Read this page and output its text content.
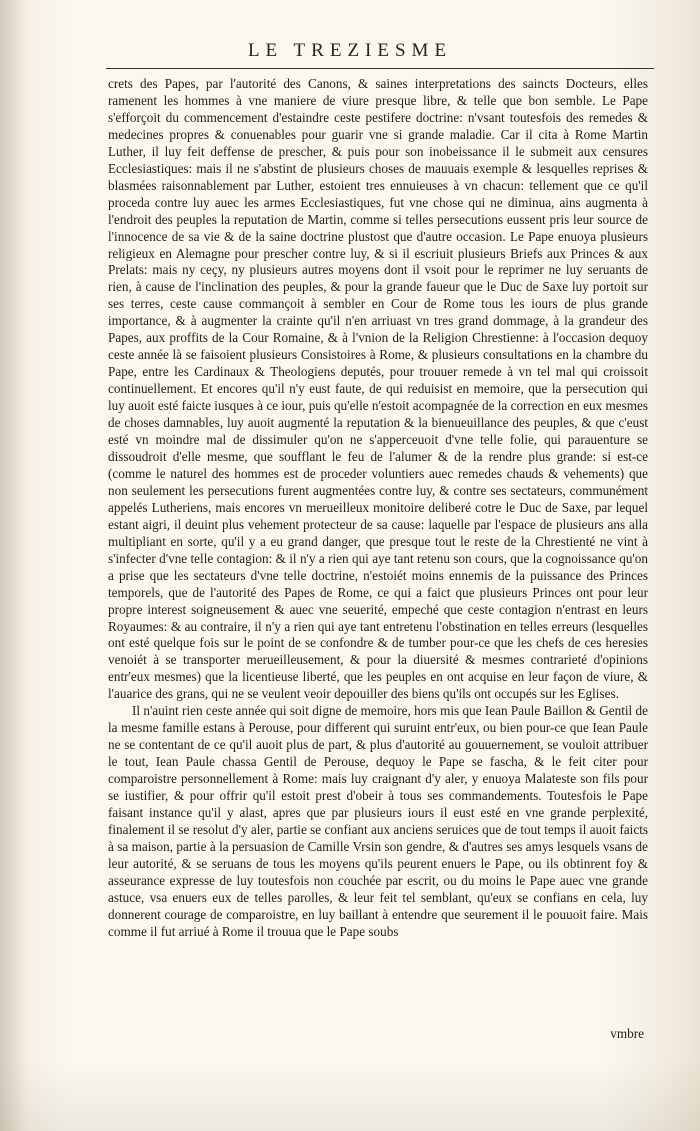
LE TREZIESME

crets des Papes, par l'autorité des Canons, & saines interpretations des saincts Docteurs, elles ramenent les hommes à vne maniere de viure presque libre, & telle que bon semble. Le Pape s'efforçoit du commencement d'estaindre ceste pestifere doctrine: n'vsant toutesfois des remedes & medecines propres & conuenables pour guarir vne si grande maladie. Car il cita à Rome Martin Luther, il luy feit deffense de prescher, & puis pour son inobeissance il le submeit aux censures Ecclesiastiques: mais il ne s'abstint de plusieurs choses de mauuais exemple & lesquelles reprises & blasmées raisonnablement par Luther, estoient tres ennuieuses à vn chacun: tellement que ce qu'il proceda contre luy auec les armes Ecclesiastiques, fut vne chose qui ne diminua, ains augmenta à l'endroit des peuples la reputation de Martin, comme si telles persecutions eussent pris leur source de l'innocence de sa vie & de la saine doctrine plustost que d'autre occasion. Le Pape enuoya plusieurs religieux en Alemagne pour prescher contre luy, & si il escriuit plusieurs Briefs aux Princes & aux Prelats: mais ny ceçy, ny plusieurs autres moyens dont il vsoit pour le reprimer ne luy seruants de rien, à cause de l'inclination des peuples, & pour la grande faueur que le Duc de Saxe luy portoit sur ses terres, ceste cause commançoit à sembler en Cour de Rome tous les iours de plus grande importance, & à augmenter la crainte qu'il n'en arriuast vn tres grand dommage, à la grandeur des Papes, aux proffits de la Cour Romaine, & à l'vnion de la Religion Chrestienne: à l'occasion dequoy ceste année là se faisoient plusieurs Consistoires à Rome, & plusieurs consultations en la chambre du Pape, entre les Cardinaux & Theologiens deputés, pour trouuer remede à vn tel mal qui croissoit continuellement. Et encores qu'il n'y eust faute, de qui reduisist en memoire, que la persecution qui luy auoit esté faicte iusques à ce iour, puis qu'elle n'estoit acompagnée de la correction en eux mesmes de choses damnables, luy auoit augmenté la reputation & la bienueuillance des peuples, & que c'eust esté vn moindre mal de dissimuler qu'on ne s'apperceuoit d'vne telle folie, qui parauenture se dissoudroit d'elle mesme, que soufflant le feu de l'alumer & de la rendre plus grande: si est-ce (comme le naturel des hommes est de proceder voluntiers auec remedes chauds & vehements) que non seulement les persecutions furent augmentées contre luy, & contre ses sectateurs, communément appelés Lutheriens, mais encores vn merueilleux monitoire deliberé cotre le Duc de Saxe, par lequel estant aigri, il deuint plus vehement protecteur de sa cause: laquelle par l'espace de plusieurs ans alla multipliant en sorte, qu'il y a eu grand danger, que presque tout le reste de la Chrestienté ne vint à s'infecter d'vne telle contagion: & il n'y a rien qui aye tant retenu son cours, que la cognoissance qu'on a prise que les sectateurs d'vne telle doctrine, n'estoiét moins ennemis de la puissance des Princes temporels, que de l'autorité des Papes de Rome, ce qui a faict que plusieurs Princes ont pour leur propre interest soigneusement & auec vne seuerité, empeché que ceste contagion n'entrast en leurs Royaumes: & au contraire, il n'y a rien qui aye tant entretenu l'obstination en telles erreurs (lesquelles ont esté quelque fois sur le point de se confondre & de tumber pour-ce que les chefs de ces heresies venoiét à se transporter merueilleusement, & pour la diuersité & mesmes contrarieté d'opinions entr'eux mesmes) que la licentieuse liberté, que les peuples en ont acquise en leur façon de viure, & l'auarice des grans, qui ne se veulent veoir depouiller des biens qu'ils ont occupés sur les Eglises.

Il n'auint rien ceste année qui soit digne de memoire, hors mis que Iean Paule Baillon & Gentil de la mesme famille estans à Perouse, pour different qui suruint entr'eux, ou bien pour-ce que Iean Paule ne se contentant de ce qu'il auoit plus de part, & plus d'autorité au gouuernement, se vouloit attribuer le tout, Iean Paule chassa Gentil de Perouse, dequoy le Pape se fascha, & le feit citer pour comparoistre personnellement à Rome: mais luy craignant d'y aler, y enuoya Malateste son fils pour se iustifier, & pour offrir qu'il estoit prest d'obeir à tous ses commandements. Toutesfois le Pape faisant instance qu'il y alast, apres que par plusieurs iours il eust esté en vne grande perplexité, finalement il se resolut d'y aler, partie se confiant aux anciens seruices que de tout temps il auoit faicts à sa maison, partie à la persuasion de Camille Vrsin son gendre, & d'autres ses amys lesquels vsans de leur autorité, & se seruans de tous les moyens qu'ils peurent enuers le Pape, ou ils obtinrent foy & asseurance expresse de luy toutesfois non couchée par escrit, ou du moins le Pape auec vne grande astuce, vsa enuers eux de telles parolles, & leur feit tel semblant, qu'eux se confians en cela, luy donnerent courage de comparoistre, en luy baillant à entendre que seurement il le pouuoit faire. Mais comme il fut arriué à Rome il trouua que le Pape soubs

vmbre
